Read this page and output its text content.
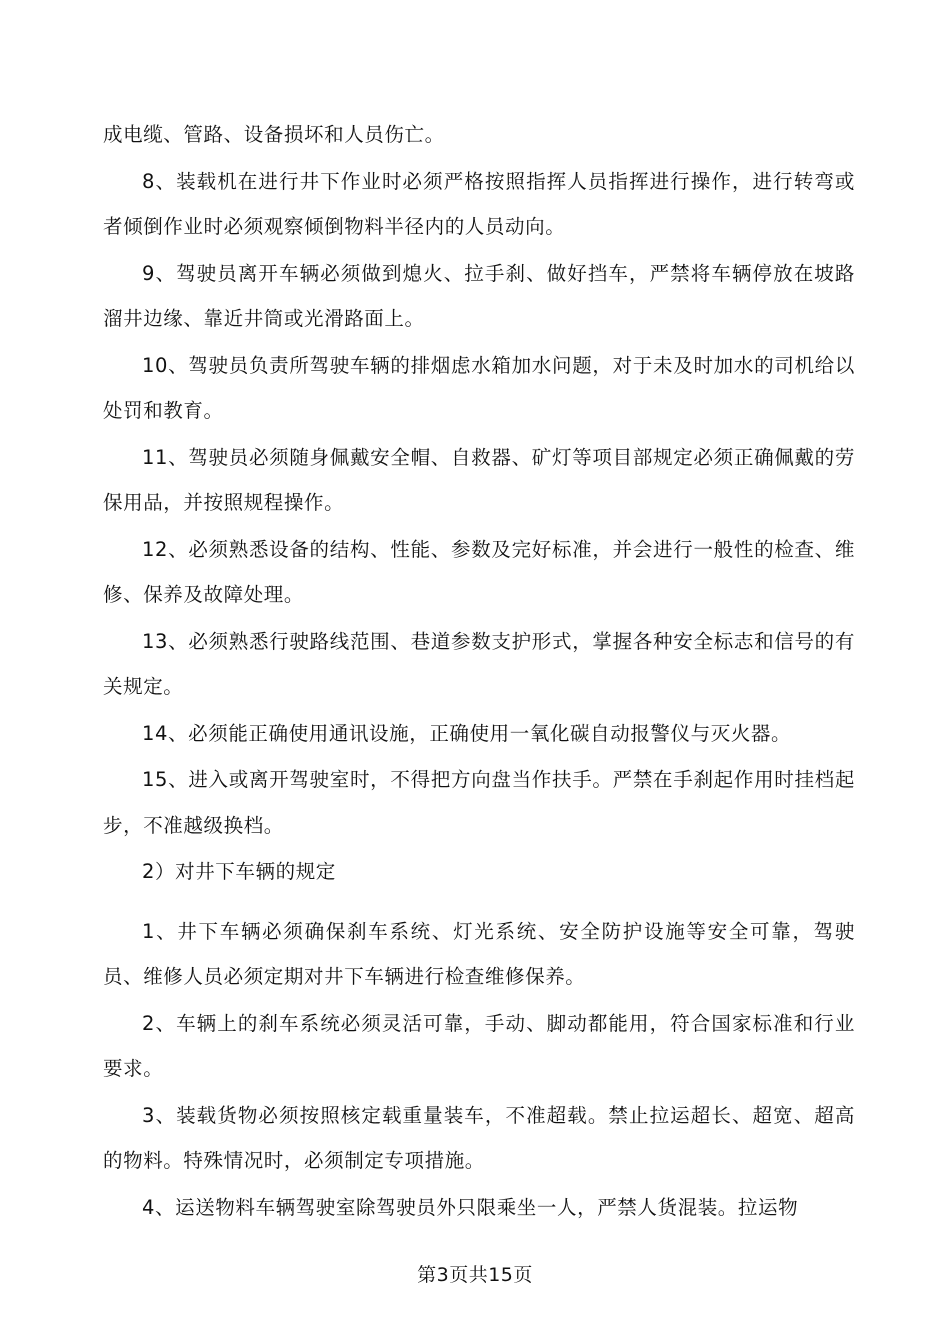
成电缆、管路、设备损坏和人员伤亡。

8、装载机在进行井下作业时必须严格按照指挥人员指挥进行操作，进行转弯或者倾倒作业时必须观察倾倒物料半径内的人员动向。

9、驾驶员离开车辆必须做到熄火、拉手刹、做好挡车，严禁将车辆停放在坡路溜井边缘、靠近井筒或光滑路面上。

10、驾驶员负责所驾驶车辆的排烟虑水箱加水问题，对于未及时加水的司机给以处罚和教育。

11、驾驶员必须随身佩戴安全帽、自救器、矿灯等项目部规定必须正确佩戴的劳保用品，并按照规程操作。

12、必须熟悉设备的结构、性能、参数及完好标准，并会进行一般性的检查、维修、保养及故障处理。

13、必须熟悉行驶路线范围、巷道参数支护形式，掌握各种安全标志和信号的有关规定。

14、必须能正确使用通讯设施，正确使用一氧化碳自动报警仪与灭火器。

15、进入或离开驾驶室时，不得把方向盘当作扶手。严禁在手刹起作用时挂档起步，不准越级换档。

2）对井下车辆的规定

1、井下车辆必须确保刹车系统、灯光系统、安全防护设施等安全可靠，驾驶员、维修人员必须定期对井下车辆进行检查维修保养。

2、车辆上的刹车系统必须灵活可靠，手动、脚动都能用，符合国家标准和行业要求。

3、装载货物必须按照核定载重量装车，不准超载。禁止拉运超长、超宽、超高的物料。特殊情况时，必须制定专项措施。

4、运送物料车辆驾驶室除驾驶员外只限乘坐一人，严禁人货混装。拉运物

第3页共15页
